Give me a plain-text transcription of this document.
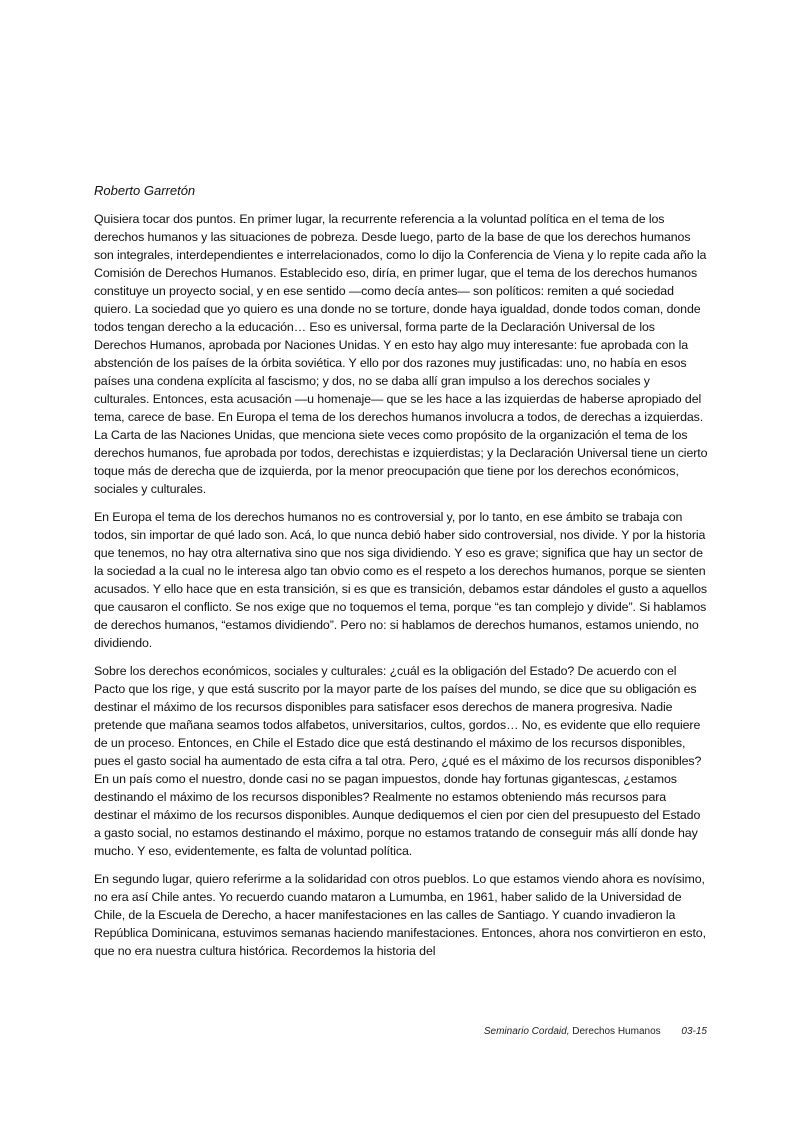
Roberto Garretón

Quisiera tocar dos puntos. En primer lugar, la recurrente referencia a la voluntad política en el tema de los derechos humanos y las situaciones de pobreza. Desde luego, parto de la base de que los derechos humanos son integrales, interdependientes e interrelacionados, como lo dijo la Conferencia de Viena y lo repite cada año la Comisión de Derechos Humanos. Establecido eso, diría, en primer lugar, que el tema de los derechos humanos constituye un proyecto social, y en ese sentido —como decía antes— son políticos: remiten a qué sociedad quiero. La sociedad que yo quiero es una donde no se torture, donde haya igualdad, donde todos coman, donde todos tengan derecho a la educación… Eso es universal, forma parte de la Declaración Universal de los Derechos Humanos, aprobada por Naciones Unidas. Y en esto hay algo muy interesante: fue aprobada con la abstención de los países de la órbita soviética. Y ello por dos razones muy justificadas: uno, no había en esos países una condena explícita al fascismo; y dos, no se daba allí gran impulso a los derechos sociales y culturales. Entonces, esta acusación —u homenaje— que se les hace a las izquierdas de haberse apropiado del tema, carece de base. En Europa el tema de los derechos humanos involucra a todos, de derechas a izquierdas. La Carta de las Naciones Unidas, que menciona siete veces como propósito de la organización el tema de los derechos humanos, fue aprobada por todos, derechistas e izquierdistas; y la Declaración Universal tiene un cierto toque más de derecha que de izquierda, por la menor preocupación que tiene por los derechos económicos, sociales y culturales.

En Europa el tema de los derechos humanos no es controversial y, por lo tanto, en ese ámbito se trabaja con todos, sin importar de qué lado son. Acá, lo que nunca debió haber sido controversial, nos divide. Y por la historia que tenemos, no hay otra alternativa sino que nos siga dividiendo. Y eso es grave; significa que hay un sector de la sociedad a la cual no le interesa algo tan obvio como es el respeto a los derechos humanos, porque se sienten acusados. Y ello hace que en esta transición, si es que es transición, debamos estar dándoles el gusto a aquellos que causaron el conflicto. Se nos exige que no toquemos el tema, porque “es tan complejo y divide”. Si hablamos de derechos humanos, “estamos dividiendo”. Pero no: si hablamos de derechos humanos, estamos uniendo, no dividiendo.

Sobre los derechos económicos, sociales y culturales: ¿cuál es la obligación del Estado? De acuerdo con el Pacto que los rige, y que está suscrito por la mayor parte de los países del mundo, se dice que su obligación es destinar el máximo de los recursos disponibles para satisfacer esos derechos de manera progresiva. Nadie pretende que mañana seamos todos alfabetos, universitarios, cultos, gordos… No, es evidente que ello requiere de un proceso. Entonces, en Chile el Estado dice que está destinando el máximo de los recursos disponibles, pues el gasto social ha aumentado de esta cifra a tal otra. Pero, ¿qué es el máximo de los recursos disponibles? En un país como el nuestro, donde casi no se pagan impuestos, donde hay fortunas gigantescas, ¿estamos destinando el máximo de los recursos disponibles? Realmente no estamos obteniendo más recursos para destinar el máximo de los recursos disponibles. Aunque dediquemos el cien por cien del presupuesto del Estado a gasto social, no estamos destinando el máximo, porque no estamos tratando de conseguir más allí donde hay mucho. Y eso, evidentemente, es falta de voluntad política.

En segundo lugar, quiero referirme a la solidaridad con otros pueblos. Lo que estamos viendo ahora es novísimo, no era así Chile antes. Yo recuerdo cuando mataron a Lumumba, en 1961, haber salido de la Universidad de Chile, de la Escuela de Derecho, a hacer manifestaciones en las calles de Santiago. Y cuando invadieron la República Dominicana, estuvimos semanas haciendo manifestaciones. Entonces, ahora nos convirtieron en esto, que no era nuestra cultura histórica. Recordemos la historia del

Seminario Cordaid, Derechos Humanos 03-15
